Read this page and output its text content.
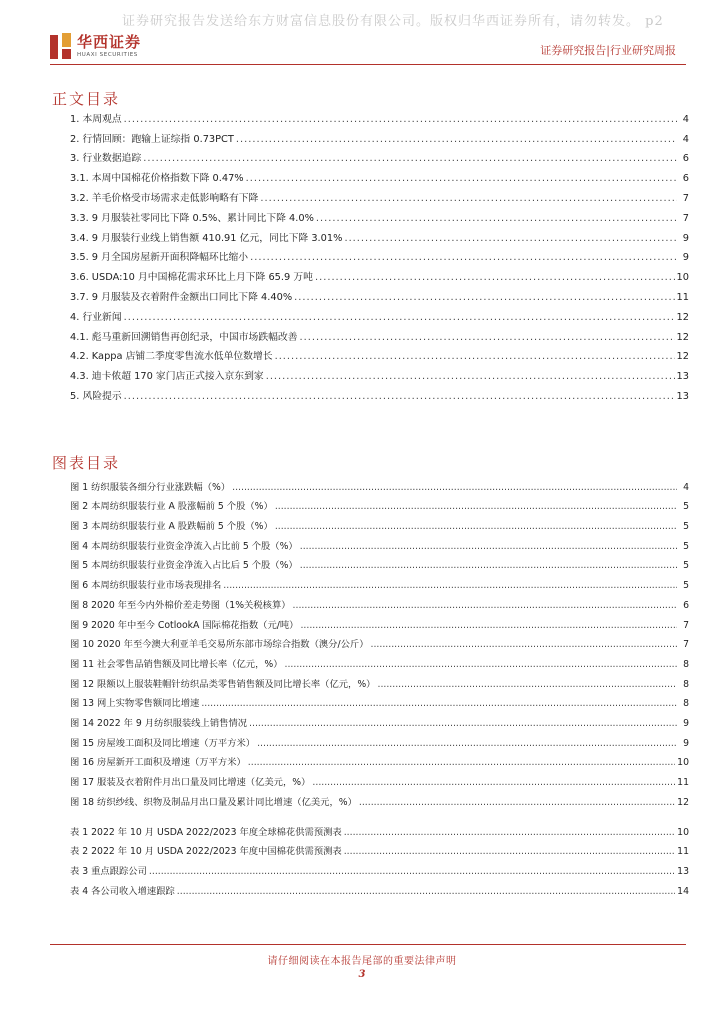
证券研究报告发送给东方财富信息股份有限公司。版权归华西证券所有，请勿转发。 p2
华西证券
HUAXI SECURITIES	证券研究报告|行业研究周报
正文目录
1. 本周观点 .....	4
2. 行情回顾：跑输上证综指 0.73PCT .....	4
3. 行业数据追踪 .....	6
3.1. 本周中国棉花价格指数下降 0.47% .....	6
3.2. 羊毛价格受市场需求走低影响略有下降 .....	7
3.3. 9 月服装社零同比下降 0.5%、累计同比下降 4.0% .....	7
3.4. 9 月服装行业线上销售额 410.91 亿元，同比下降 3.01% .....	9
3.5. 9 月全国房屋新开面积降幅环比缩小 .....	9
3.6. USDA:10 月中国棉花需求环比上月下降 65.9 万吨 .....	10
3.7. 9 月服装及衣着附件金额出口同比下降 4.40% .....	11
4. 行业新闻 .....	12
4.1. 彪马重新回溯销售再创纪录，中国市场跌幅改善 .....	12
4.2. Kappa 店铺二季度零售流水低单位数增长 .....	12
4.3. 迪卡侬超 170 家门店正式接入京东到家 .....	13
5. 风险提示 .....	13
图表目录
图 1 纺织服装各细分行业涨跌幅（%） .....	4
图 2 本周纺织服装行业 A 股涨幅前 5 个股（%） .....	5
图 3 本周纺织服装行业 A 股跌幅前 5 个股（%） .....	5
图 4 本周纺织服装行业资金净流入占比前 5 个股（%） .....	5
图 5 本周纺织服装行业资金净流入占比后 5 个股（%） .....	5
图 6 本周纺织服装行业市场表现排名 .....	5
图 8 2020 年至今内外棉价差走势图（1%关税核算） .....	6
图 9 2020 年中至今 CotlookA 国际棉花指数（元/吨） .....	7
图 10 2020 年至今澳大利亚羊毛交易所东部市场综合指数（澳分/公斤） .....	7
图 11 社会零售品销售额及同比增长率（亿元，%） .....	8
图 12 限额以上服装鞋帽针纺织品类零售销售额及同比增长率（亿元，%） .....	8
图 13 网上实物零售额同比增速 .....	8
图 14 2022 年 9 月纺织服装线上销售情况 .....	9
图 15 房屋竣工面积及同比增速（万平方米） .....	9
图 16 房屋新开工面积及增速（万平方米） .....	10
图 17 服装及衣着附件月出口量及同比增速（亿美元，%） .....	11
图 18 纺织纱线、织物及制品月出口量及累计同比增速（亿美元，%） .....	12
表 1 2022 年 10 月 USDA 2022/2023 年度全球棉花供需预测表 .....	10
表 2 2022 年 10 月 USDA 2022/2023 年度中国棉花供需预测表 .....	11
表 3 重点跟踪公司 .....	13
表 4 各公司收入增速跟踪 .....	14
请仔细阅读在本报告尾部的重要法律声明
3
